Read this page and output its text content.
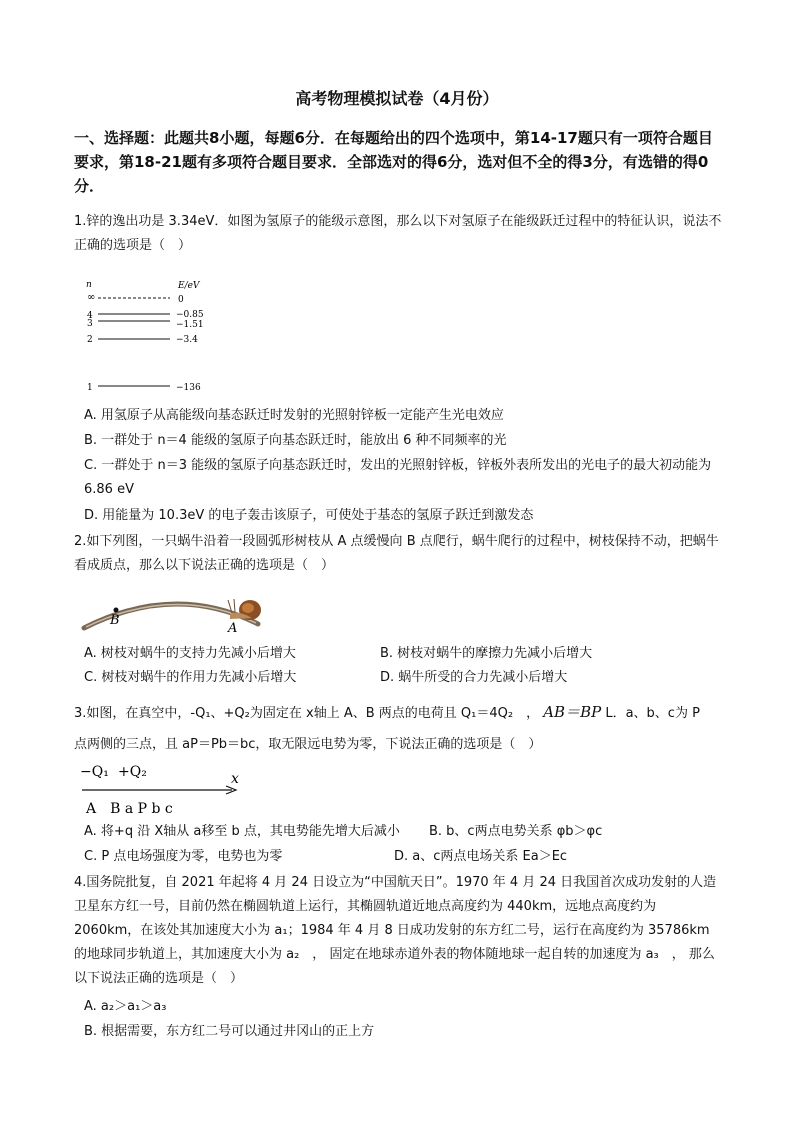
高考物理模拟试卷（4月份）
一、选择题：此题共8小题，每题6分．在每题给出的四个选项中，第14-17题只有一项符合题目要求，第18-21题有多项符合题目要求．全部选对的得6分，选对但不全的得3分，有选错的得0分．
1.锌的逸出功是 3.34eV．如图为氢原子的能级示意图，那么以下对氢原子在能级跃迁过程中的特征认识，说法不正确的选项是（　）
n	E/eV
∞	0
4	−0.85
3	−1.51
2	−3.4
1	−136
A. 用氢原子从高能级向基态跃迁时发射的光照射锌板一定能产生光电效应
B. 一群处于 n＝4 能级的氢原子向基态跃迁时，能放出 6 种不同频率的光
C. 一群处于 n＝3 能级的氢原子向基态跃迁时，发出的光照射锌板，锌板外表所发出的光电子的最大初动能为 6.86 eV
D. 用能量为 10.3eV 的电子轰击该原子，可使处于基态的氢原子跃迁到激发态
2.如下列图，一只蜗牛沿着一段圆弧形树枝从 A 点缓慢向 B 点爬行，蜗牛爬行的过程中，树枝保持不动，把蜗牛看成质点，那么以下说法正确的选项是（　）
B
A
A. 树枝对蜗牛的支持力先减小后增大	B. 树枝对蜗牛的摩擦力先减小后增大
C. 树枝对蜗牛的作用力先减小后增大	D. 蜗牛所受的合力先减小后增大
3.如图，在真空中，-Q₁、+Q₂为固定在 x轴上 A、B 两点的电荷且 Q₁＝4Q₂　， AB＝BP L．a、b、c为 P
点两侧的三点，且 aP＝Pb＝bc，取无限远电势为零，下说法正确的选项是（　）
−Q₁ +Q₂	x
A　B a P b c
A. 将+q 沿 X轴从 a移至 b 点，其电势能先增大后减小 B. b、c两点电势关系 φb＞φc
C. P 点电场强度为零，电势也为零	D. a、c两点电场关系 Ea＞Ec
4.国务院批复，自 2021 年起将 4 月 24 日设立为“中国航天日”。1970 年 4 月 24 日我国首次成功发射的人造卫星东方红一号，目前仍然在椭圆轨道上运行，其椭圆轨道近地点高度约为 440km，远地点高度约为 2060km，在该处其加速度大小为 a₁；1984 年 4 月 8 日成功发射的东方红二号，运行在高度约为 35786km 的地球同步轨道上，其加速度大小为 a₂　， 固定在地球赤道外表的物体随地球一起自转的加速度为 a₃　， 那么以下说法正确的选项是（　）
A. a₂＞a₁＞a₃
B. 根据需要，东方红二号可以通过井冈山的正上方
